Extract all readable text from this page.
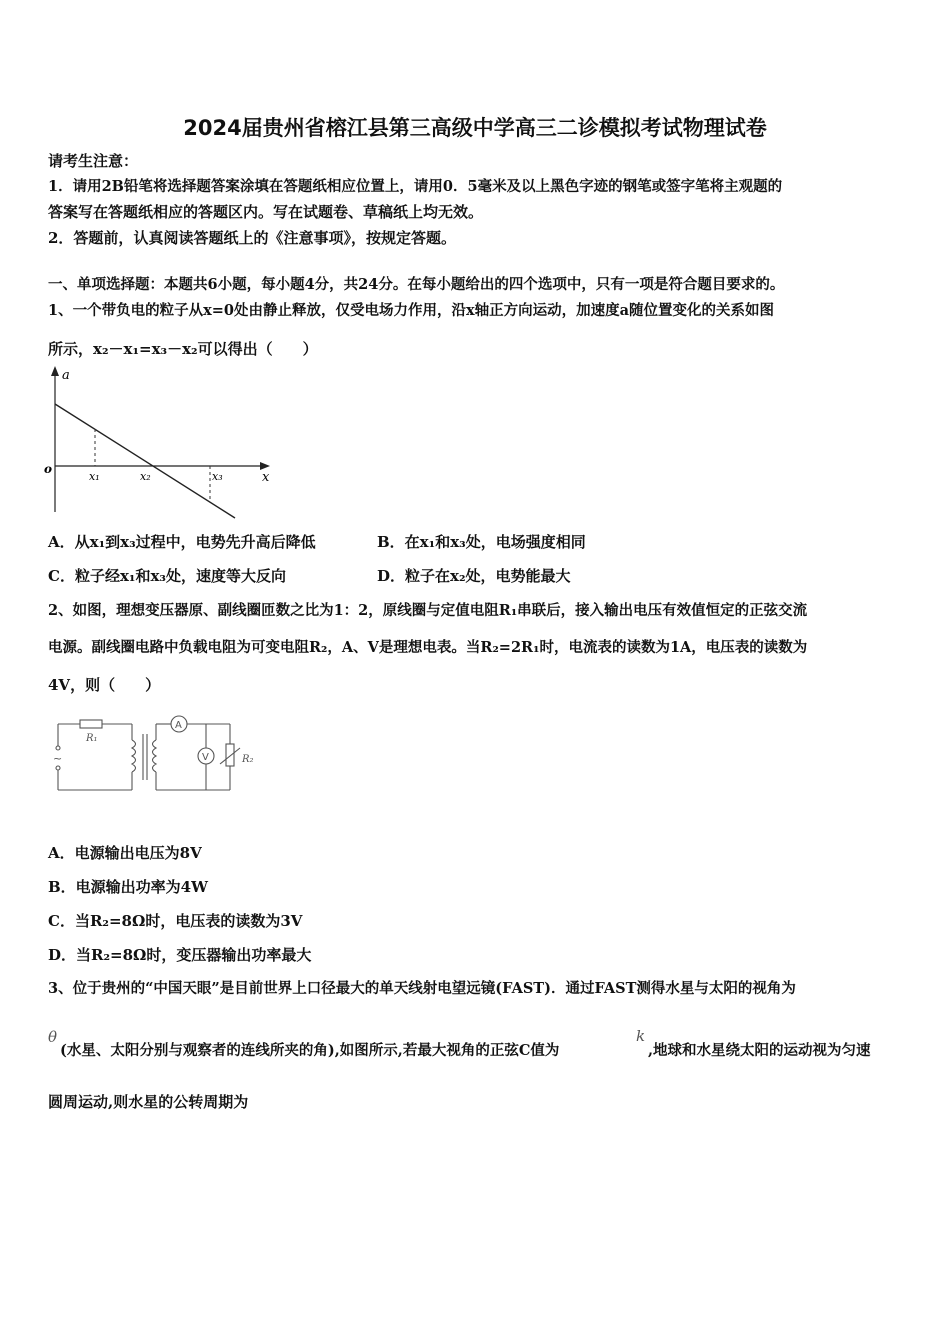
2024届贵州省榕江县第三高级中学高三二诊模拟考试物理试卷
请考生注意：
1．请用2B铅笔将选择题答案涂填在答题纸相应位置上，请用0．5毫米及以上黑色字迹的钢笔或签字笔将主观题的
答案写在答题纸相应的答题区内。写在试题卷、草稿纸上均无效。
2．答题前，认真阅读答题纸上的《注意事项》，按规定答题。
一、单项选择题：本题共6小题，每小题4分，共24分。在每小题给出的四个选项中，只有一项是符合题目要求的。
1、一个带负电的粒子从x=0处由静止释放，仅受电场力作用，沿x轴正方向运动，加速度a随位置变化的关系如图
所示，x₂－x₁=x₃－x₂可以得出（　　）
a
x
o
x₁	x₂	x₃
A．从x₁到x₃过程中，电势先升高后降低	B．在x₁和x₃处，电场强度相同
C．粒子经x₁和x₃处，速度等大反向	D．粒子在x₂处，电势能最大
2、如图，理想变压器原、副线圈匝数之比为1：2，原线圈与定值电阻R₁串联后，接入输出电压有效值恒定的正弦交流
电源。副线圈电路中负载电阻为可变电阻R₂，A、V是理想电表。当R₂=2R₁时，电流表的读数为1A，电压表的读数为
4V，则（　　）
~
R₁
A
V	R₂
A．电源输出电压为8V
B．电源输出功率为4W
C．当R₂=8Ω时，电压表的读数为3V
D．当R₂=8Ω时，变压器输出功率最大
3、位于贵州的“中国天眼”是目前世界上口径最大的单天线射电望远镜(FAST)．通过FAST测得水星与太阳的视角为
θ
(水星、太阳分别与观察者的连线所夹的角),如图所示,若最大视角的正弦C值为
k
,地球和水星绕太阳的运动视为匀速
圆周运动,则水星的公转周期为
